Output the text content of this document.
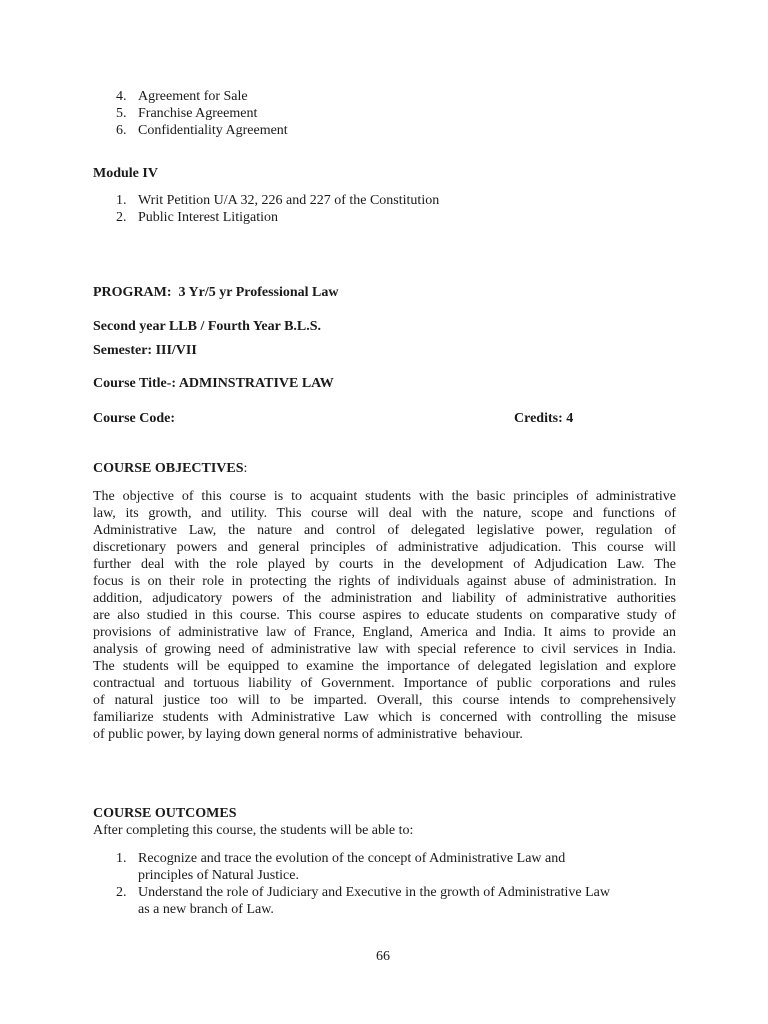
4. Agreement for Sale
5. Franchise Agreement
6. Confidentiality Agreement
Module IV
1. Writ Petition U/A 32, 226 and 227 of the Constitution
2. Public Interest Litigation
PROGRAM:  3 Yr/5 yr Professional Law
Second year LLB / Fourth Year B.L.S.
Semester: III/VII
Course Title-: ADMINSTRATIVE LAW
Course Code:	Credits: 4
COURSE OBJECTIVES:
The objective of this course is to acquaint students with the basic principles of administrative
law, its growth, and utility. This course will deal with the nature, scope and functions of
Administrative Law, the nature and control of delegated legislative power, regulation of
discretionary powers and general principles of administrative adjudication. This course will
further deal with the role played by courts in the development of Adjudication Law. The
focus is on their role in protecting the rights of individuals against abuse of administration. In
addition, adjudicatory powers of the administration and liability of administrative authorities
are also studied in this course. This course aspires to educate students on comparative study of
provisions of administrative law of France, England, America and India. It aims to provide an
analysis of growing need of administrative law with special reference to civil services in India.
The students will be equipped to examine the importance of delegated legislation and explore
contractual and tortuous liability of Government. Importance of public corporations and rules
of natural justice too will to be imparted. Overall, this course intends to comprehensively
familiarize students with Administrative Law which is concerned with controlling the misuse
of public power, by laying down general norms of administrative  behaviour.
COURSE OUTCOMES
After completing this course, the students will be able to:
1. Recognize and trace the evolution of the concept of Administrative Law and
principles of Natural Justice.
2. Understand the role of Judiciary and Executive in the growth of Administrative Law
as a new branch of Law.
66
